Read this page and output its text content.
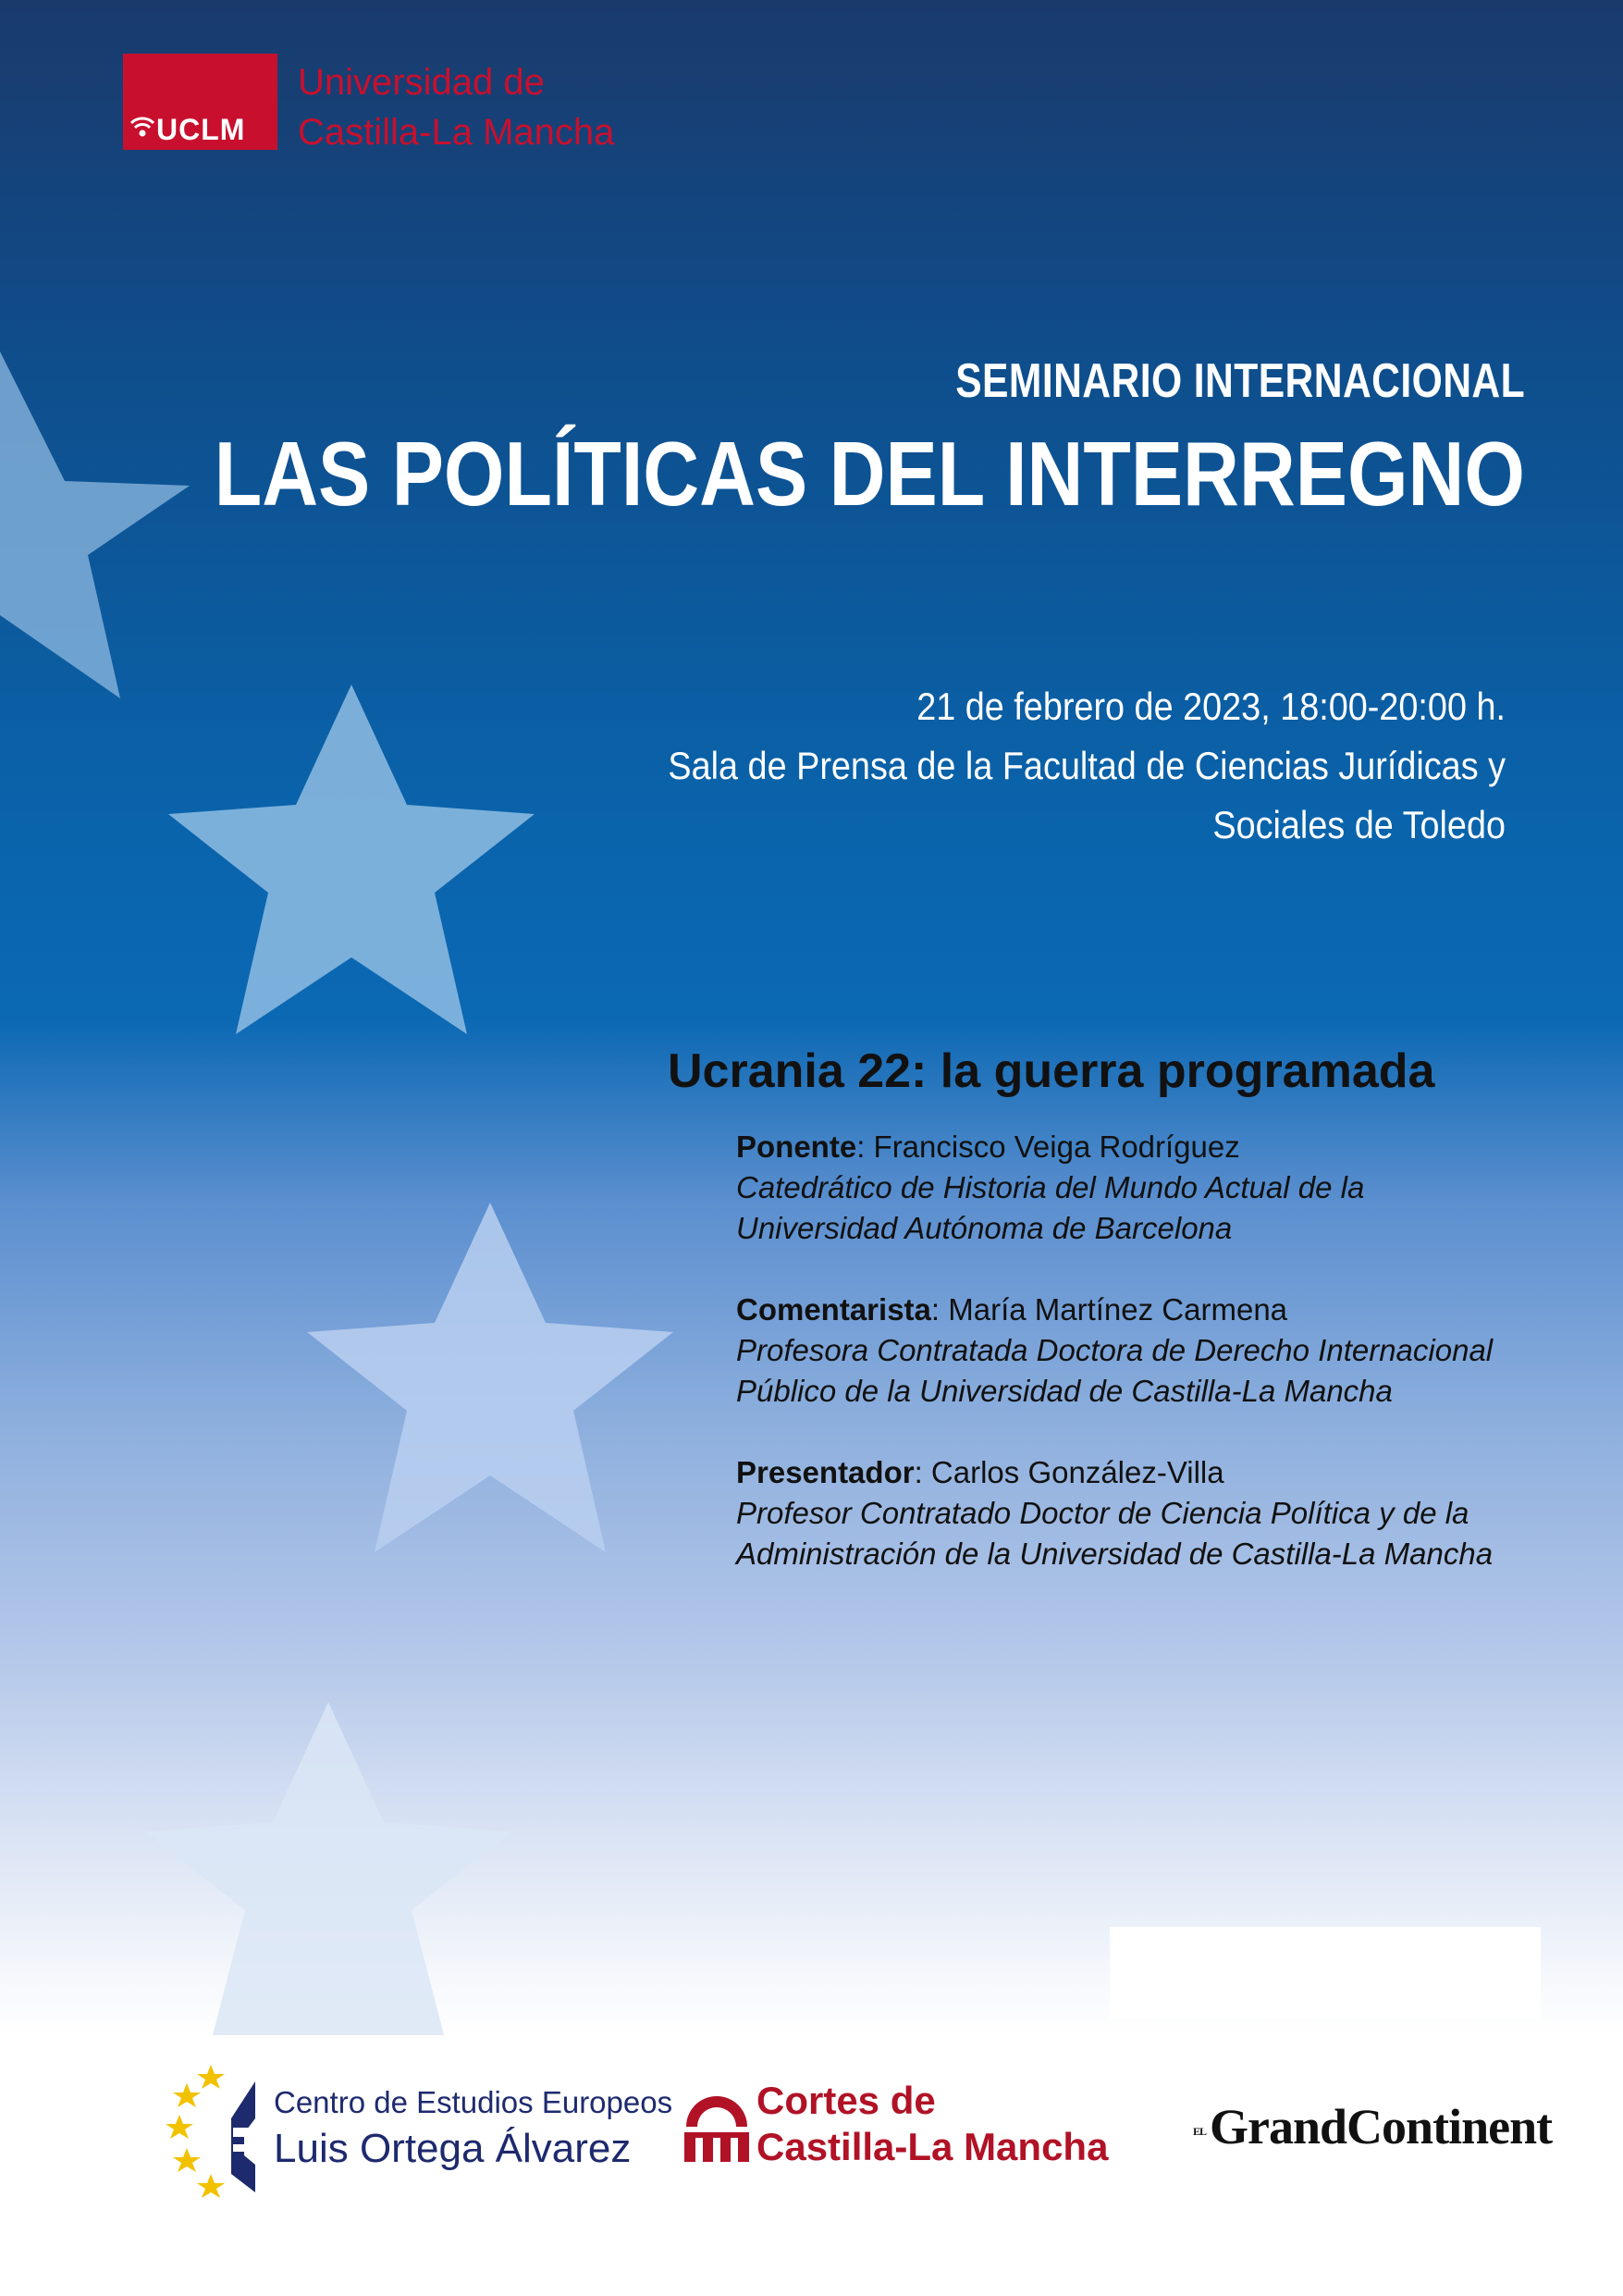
UCLM
Universidad de
Castilla-La Mancha
SEMINARIO INTERNACIONAL
LAS POLÍTICAS DEL INTERREGNO
21 de febrero de 2023, 18:00-20:00 h.
Sala de Prensa de la Facultad de Ciencias Jurídicas y
Sociales de Toledo
Ucrania 22: la guerra programada
Ponente: Francisco Veiga Rodríguez
Catedrático de Historia del Mundo Actual de la
Universidad Autónoma de Barcelona
Comentarista: María Martínez Carmena
Profesora Contratada Doctora de Derecho Internacional
Público de la Universidad de Castilla-La Mancha
Presentador: Carlos González-Villa
Profesor Contratado Doctor de Ciencia Política y de la
Administración de la Universidad de Castilla-La Mancha
Centro de Estudios Europeos
Luis Ortega Álvarez
Cortes de
Castilla-La Mancha	ELGrandContinent
